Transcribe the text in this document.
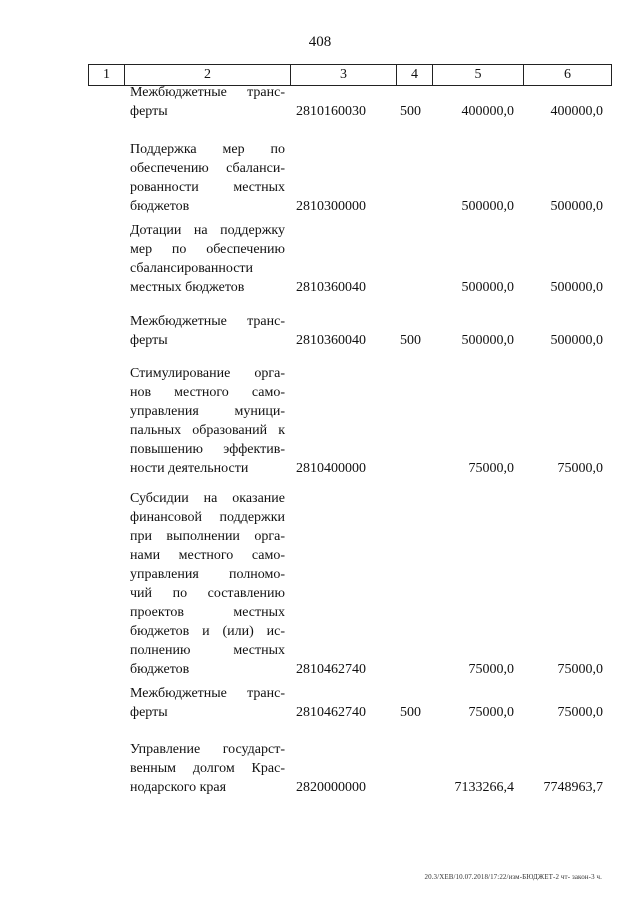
408
1	2	3	4	5	6
Межбюджетные транс-
ферты	2810160030 500	400000,0	400000,0
Поддержка мер по
обеспечению сбаланси-
рованности местных
бюджетов	2810300000	500000,0	500000,0
Дотации на поддержку
мер по обеспечению
сбалансированности
местных бюджетов	2810360040	500000,0	500000,0
Межбюджетные транс-
ферты	2810360040 500	500000,0	500000,0
Стимулирование орга-
нов местного само-
управления муници-
пальных образований к
повышению эффектив-
ности деятельности	2810400000	75000,0	75000,0
Субсидии на оказание
финансовой поддержки
при выполнении орга-
нами местного само-
управления полномо-
чий по составлению
проектов местных
бюджетов и (или) ис-
полнению местных
бюджетов	2810462740	75000,0	75000,0
Межбюджетные транс-
ферты	2810462740 500	75000,0	75000,0
Управление государст-
венным долгом Крас-
нодарского края	2820000000	7133266,4 7748963,7
20.3/ХЕВ/10.07.2018/17:22/изм-БЮДЖЕТ-2 чт- закон-3 ч.
